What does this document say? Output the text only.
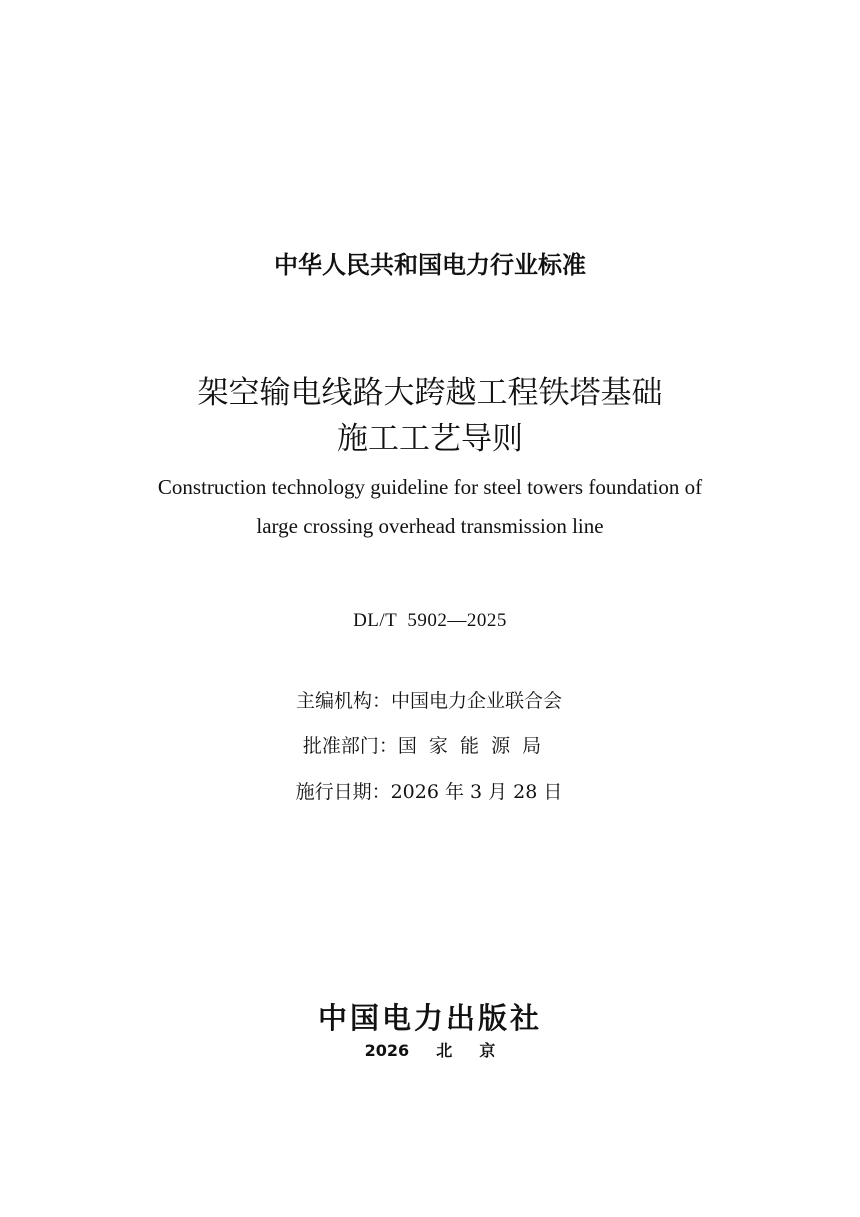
中华人民共和国电力行业标准
架空输电线路大跨越工程铁塔基础
施工工艺导则
Construction technology guideline for steel towers foundation of
large crossing overhead transmission line
DL/T  5902—2025
主编机构：中国电力企业联合会
批准部门：国  家  能  源  局
施行日期：2026 年 3 月 28 日
中国电力出版社
2026  北  京
